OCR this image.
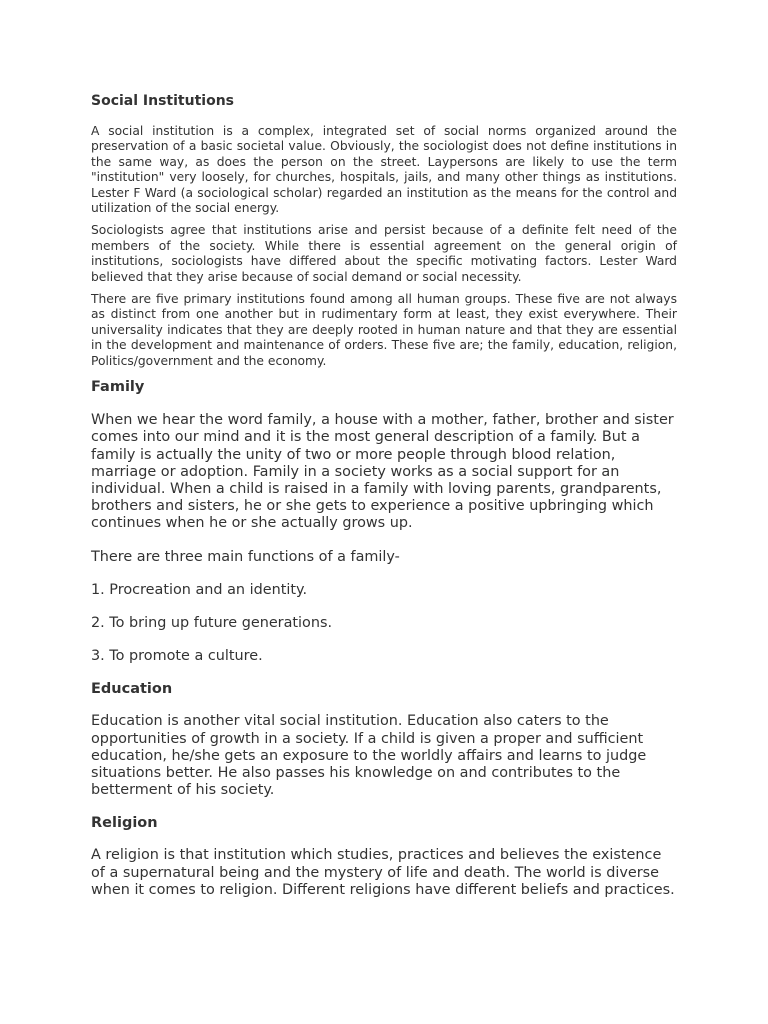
Social Institutions

A social institution is a complex, integrated set of social norms organized around the preservation of a basic societal value. Obviously, the sociologist does not define institutions in the same way, as does the person on the street. Laypersons are likely to use the term "institution" very loosely, for churches, hospitals, jails, and many other things as institutions. Lester F Ward (a sociological scholar) regarded an institution as the means for the control and utilization of the social energy.

Sociologists agree that institutions arise and persist because of a definite felt need of the members of the society. While there is essential agreement on the general origin of institutions, sociologists have differed about the specific motivating factors. Lester Ward believed that they arise because of social demand or social necessity.

There are five primary institutions found among all human groups. These five are not always as distinct from one another but in rudimentary form at least, they exist everywhere. Their universality indicates that they are deeply rooted in human nature and that they are essential in the development and maintenance of orders. These five are; the family, education, religion, Politics/government and the economy.

Family

When we hear the word family, a house with a mother, father, brother and sister comes into our mind and it is the most general description of a family. But a family is actually the unity of two or more people through blood relation, marriage or adoption. Family in a society works as a social support for an individual. When a child is raised in a family with loving parents, grandparents, brothers and sisters, he or she gets to experience a positive upbringing which continues when he or she actually grows up.

There are three main functions of a family-

1. Procreation and an identity.
2. To bring up future generations.
3. To promote a culture.
Education

Education is another vital social institution. Education also caters to the opportunities of growth in a society. If a child is given a proper and sufficient education, he/she gets an exposure to the worldly affairs and learns to judge situations better. He also passes his knowledge on and contributes to the betterment of his society.

Religion

A religion is that institution which studies, practices and believes the existence of a supernatural being and the mystery of life and death. The world is diverse when it comes to religion. Different religions have different beliefs and practices.
